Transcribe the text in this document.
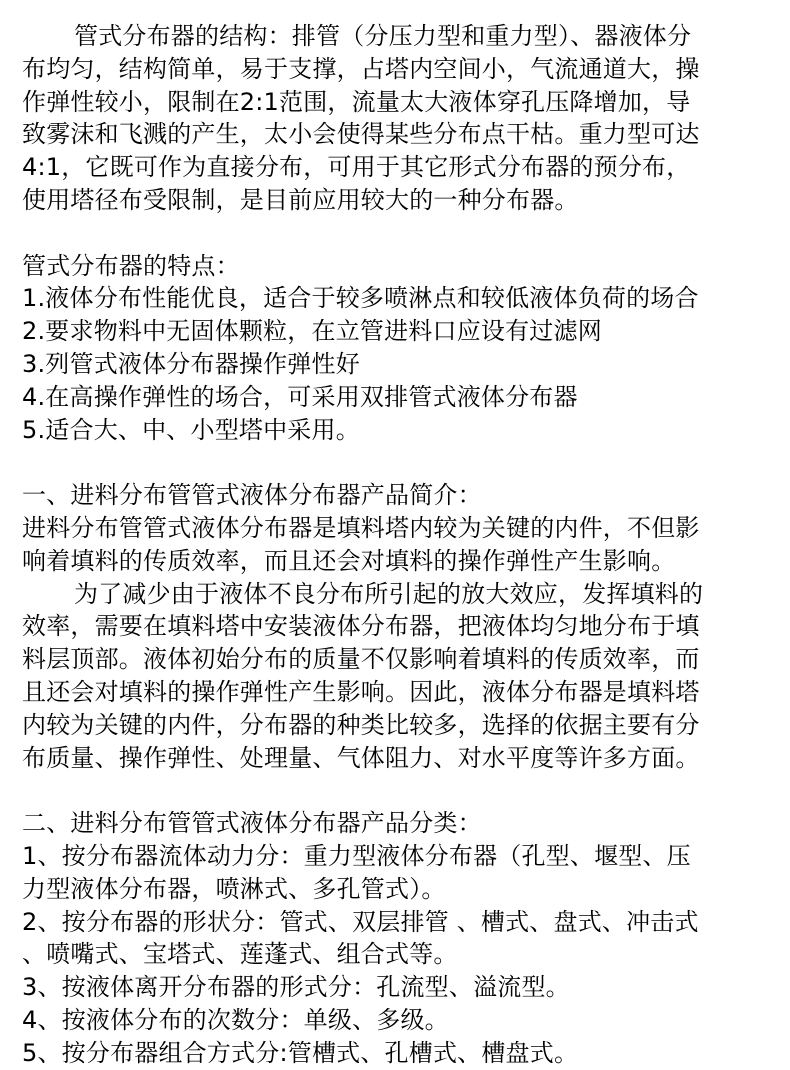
管式分布器的结构：排管（分压力型和重力型）、器液体分
布均匀，结构简单，易于支撑，占塔内空间小，气流通道大，操
作弹性较小，限制在2:1范围，流量太大液体穿孔压降增加，导
致雾沫和飞溅的产生，太小会使得某些分布点干枯。重力型可达
4:1，它既可作为直接分布，可用于其它形式分布器的预分布，
使用塔径布受限制，是目前应用较大的一种分布器。
管式分布器的特点：
1.液体分布性能优良，适合于较多喷淋点和较低液体负荷的场合
2.要求物料中无固体颗粒，在立管进料口应设有过滤网
3.列管式液体分布器操作弹性好
4.在高操作弹性的场合，可采用双排管式液体分布器
5.适合大、中、小型塔中采用。
一、进料分布管管式液体分布器产品简介：
进料分布管管式液体分布器是填料塔内较为关键的内件，不但影
响着填料的传质效率，而且还会对填料的操作弹性产生影响。
为了减少由于液体不良分布所引起的放大效应，发挥填料的
效率，需要在填料塔中安装液体分布器，把液体均匀地分布于填
料层顶部。液体初始分布的质量不仅影响着填料的传质效率，而
且还会对填料的操作弹性产生影响。因此，液体分布器是填料塔
内较为关键的内件，分布器的种类比较多，选择的依据主要有分
布质量、操作弹性、处理量、气体阻力、对水平度等许多方面。
二、进料分布管管式液体分布器产品分类：
1、按分布器流体动力分：重力型液体分布器（孔型、堰型、压
力型液体分布器，喷淋式、多孔管式）。
2、按分布器的形状分：管式、双层排管 、槽式、盘式、冲击式
、喷嘴式、宝塔式、莲蓬式、组合式等。
3、按液体离开分布器的形式分：孔流型、溢流型。
4、按液体分布的次数分：单级、多级。
5、按分布器组合方式分:管槽式、孔槽式、槽盘式。
